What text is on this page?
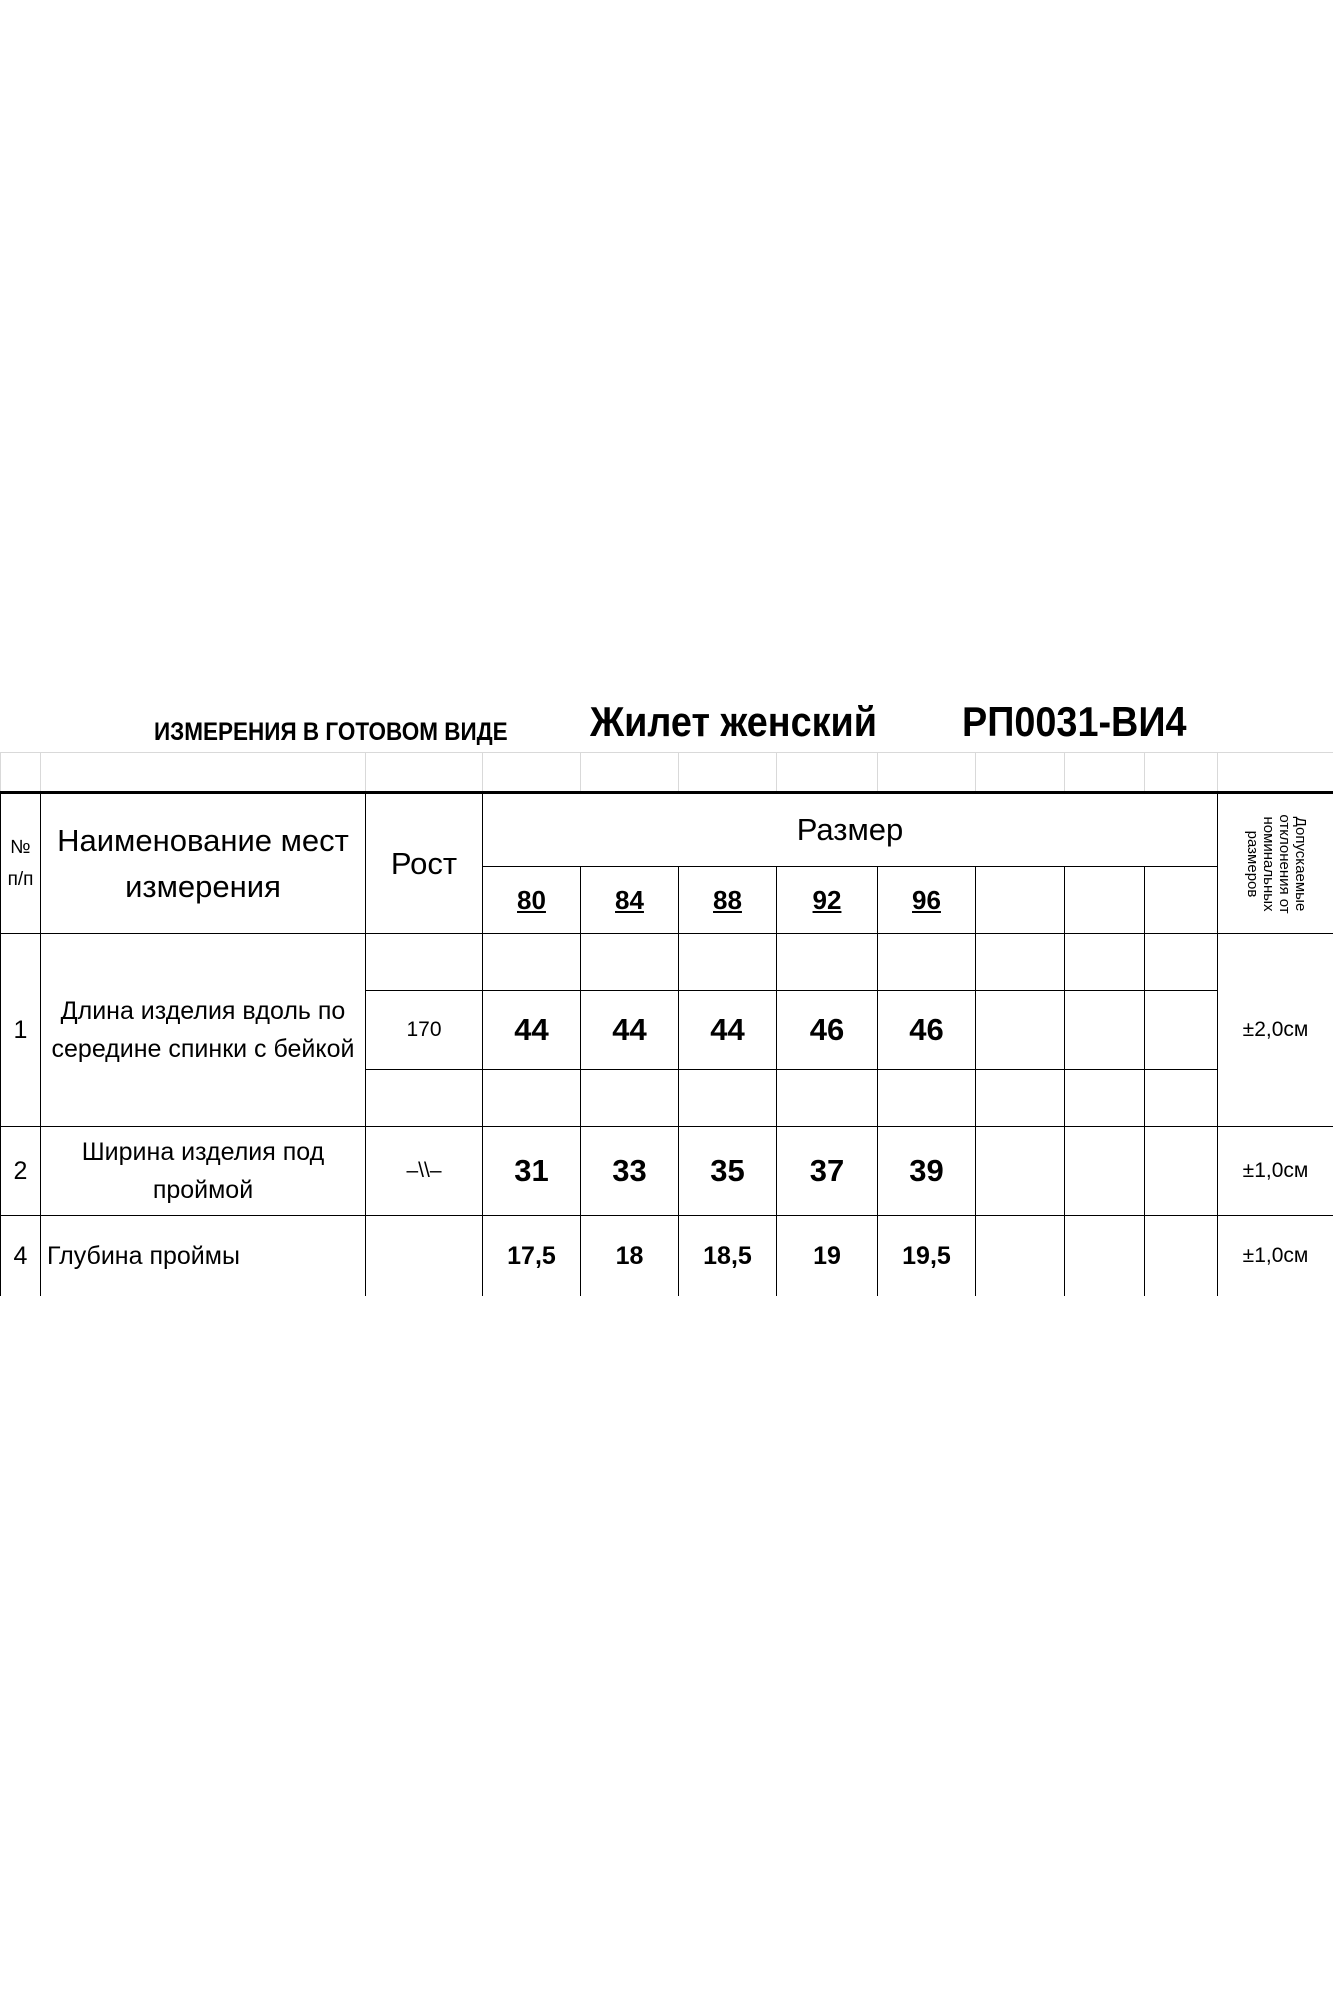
ИЗМЕРЕНИЯ В ГОТОВОМ ВИДЕ Жилет женский РП0031-ВИ4

№ п/п	Наименование мест измерения	Рост	Размер								Допускаемые отклонения от номинальных размеров

			80	84	88	92	96				
1	Длина изделия вдоль по середине спинки с бейкой										±2,0см
		170	44	44	44	46	46				

2	Ширина изделия под проймой	–\\–	31	33	35	37	39				±1,0см
4	Глубина проймы		17,5	18	18,5	19	19,5				±1,0см
